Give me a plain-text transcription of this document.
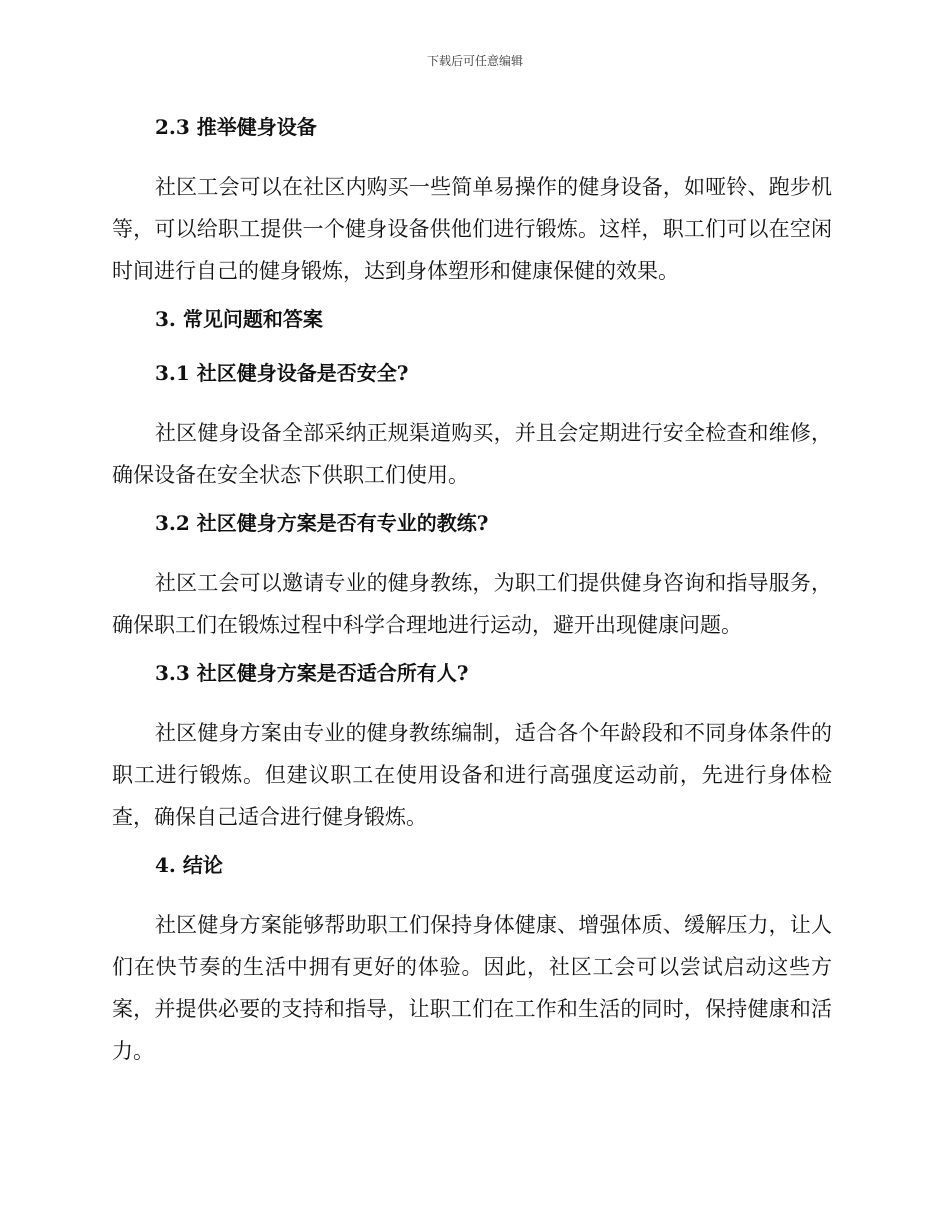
下载后可任意编辑
2.3 推举健身设备

社区工会可以在社区内购买一些简单易操作的健身设备，如哑铃、跑步机等，可以给职工提供一个健身设备供他们进行锻炼。这样，职工们可以在空闲时间进行自己的健身锻炼，达到身体塑形和健康保健的效果。

3. 常见问题和答案
3.1 社区健身设备是否安全?

社区健身设备全部采纳正规渠道购买，并且会定期进行安全检查和维修，确保设备在安全状态下供职工们使用。

3.2 社区健身方案是否有专业的教练?

社区工会可以邀请专业的健身教练，为职工们提供健身咨询和指导服务，确保职工们在锻炼过程中科学合理地进行运动，避开出现健康问题。

3.3 社区健身方案是否适合所有人?

社区健身方案由专业的健身教练编制，适合各个年龄段和不同身体条件的职工进行锻炼。但建议职工在使用设备和进行高强度运动前，先进行身体检查，确保自己适合进行健身锻炼。

4. 结论

社区健身方案能够帮助职工们保持身体健康、增强体质、缓解压力，让人们在快节奏的生活中拥有更好的体验。因此，社区工会可以尝试启动这些方案，并提供必要的支持和指导，让职工们在工作和生活的同时，保持健康和活力。
